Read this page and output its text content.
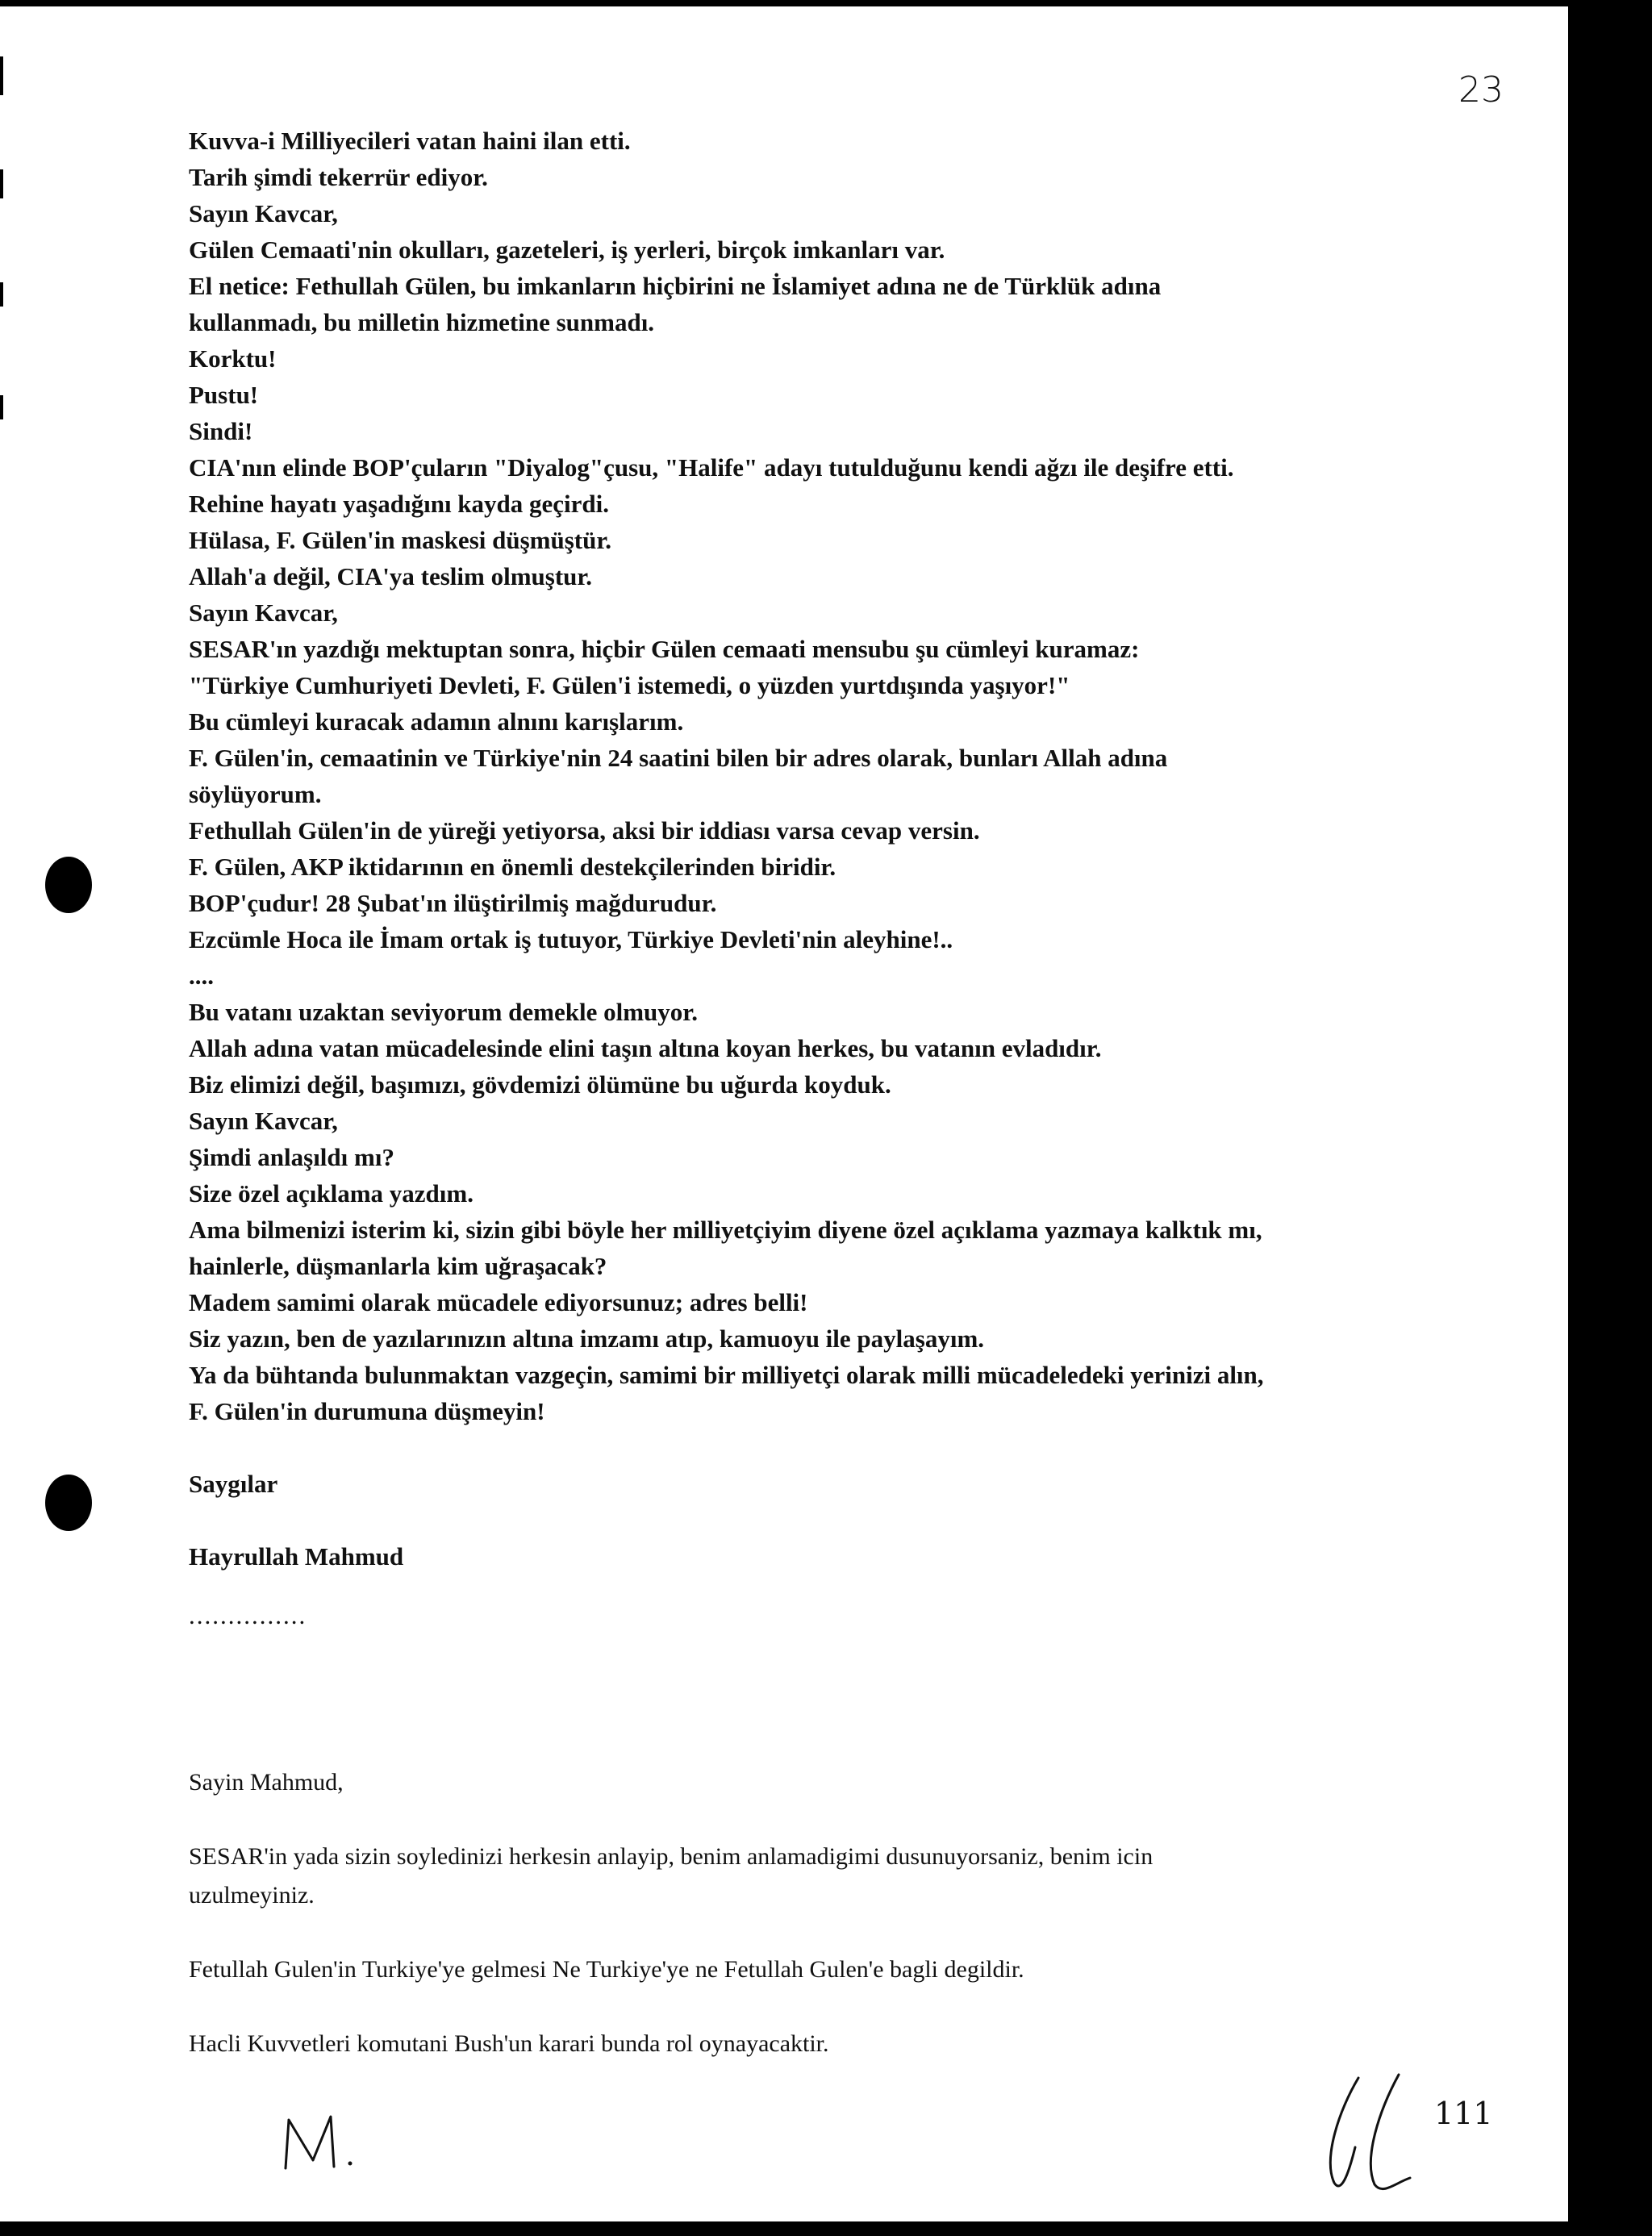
23
Kuvva-i Milliyecileri vatan haini ilan etti.
Tarih şimdi tekerrür ediyor.
Sayın Kavcar,
Gülen Cemaati'nin okulları, gazeteleri, iş yerleri, birçok imkanları var.
El netice: Fethullah Gülen, bu imkanların hiçbirini ne İslamiyet adına ne de Türklük adına
kullanmadı, bu milletin hizmetine sunmadı.
Korktu!
Pustu!
Sindi!
CIA'nın elinde BOP'çuların "Diyalog"çusu, "Halife" adayı tutulduğunu kendi ağzı ile deşifre etti.
Rehine hayatı yaşadığını kayda geçirdi.
Hülasa, F. Gülen'in maskesi düşmüştür.
Allah'a değil, CIA'ya teslim olmuştur.
Sayın Kavcar,
SESAR'ın yazdığı mektuptan sonra, hiçbir Gülen cemaati mensubu şu cümleyi kuramaz:
"Türkiye Cumhuriyeti Devleti, F. Gülen'i istemedi, o yüzden yurtdışında yaşıyor!"
Bu cümleyi kuracak adamın alnını karışlarım.
F. Gülen'in, cemaatinin ve Türkiye'nin 24 saatini bilen bir adres olarak, bunları Allah adına
söylüyorum.
Fethullah Gülen'in de yüreği yetiyorsa, aksi bir iddiası varsa cevap versin.
F. Gülen, AKP iktidarının en önemli destekçilerinden biridir.
BOP'çudur! 28 Şubat'ın ilüştirilmiş mağdurudur.
Ezcümle Hoca ile İmam ortak iş tutuyor, Türkiye Devleti'nin aleyhine!..
....
Bu vatanı uzaktan seviyorum demekle olmuyor.
Allah adına vatan mücadelesinde elini taşın altına koyan herkes, bu vatanın evladıdır.
Biz elimizi değil, başımızı, gövdemizi ölümüne bu uğurda koyduk.
Sayın Kavcar,
Şimdi anlaşıldı mı?
Size özel açıklama yazdım.
Ama bilmenizi isterim ki, sizin gibi böyle her milliyetçiyim diyene özel açıklama yazmaya kalktık mı,
hainlerle, düşmanlarla kim uğraşacak?
Madem samimi olarak mücadele ediyorsunuz; adres belli!
Siz yazın, ben de yazılarınızın altına imzamı atıp, kamuoyu ile paylaşayım.
Ya da bühtanda bulunmaktan vazgeçin, samimi bir milliyetçi olarak milli mücadeledeki yerinizi alın,
F. Gülen'in durumuna düşmeyin!
Saygılar
Hayrullah Mahmud
...............
Sayin Mahmud,
SESAR'in yada sizin soyledinizi herkesin anlayip, benim anlamadigimi dusunuyorsaniz, benim icin
uzulmeyiniz.
Fetullah Gulen'in Turkiye'ye gelmesi Ne Turkiye'ye ne Fetullah Gulen'e bagli degildir.
Hacli Kuvvetleri komutani Bush'un karari bunda rol oynayacaktir.
111
